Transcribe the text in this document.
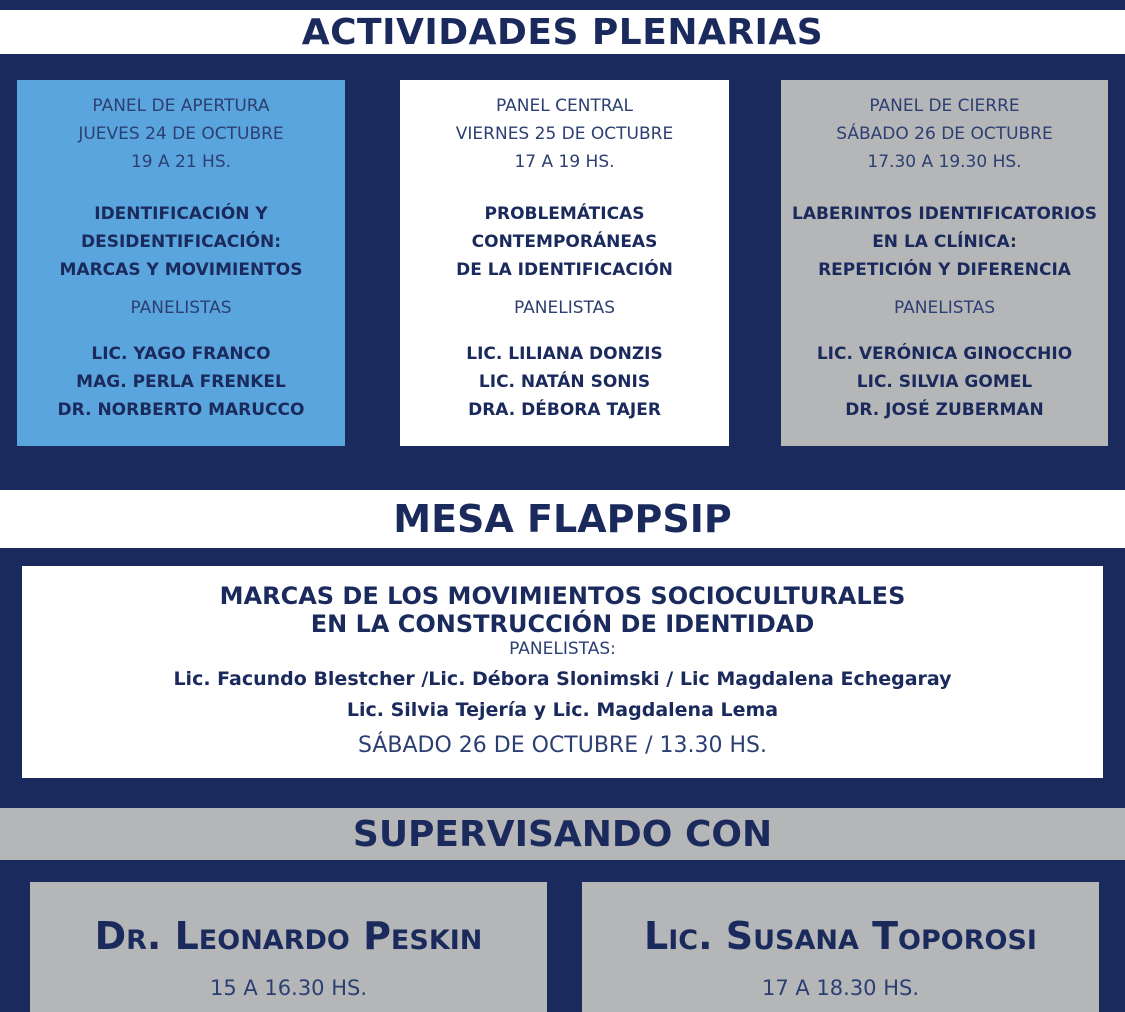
ACTIVIDADES PLENARIAS
PANEL DE APERTURA
JUEVES 24 DE OCTUBRE
19 A 21 HS.
IDENTIFICACIÓN Y
DESIDENTIFICACIÓN:
MARCAS Y MOVIMIENTOS
PANELISTAS
LIC. YAGO FRANCO
MAG. PERLA FRENKEL
DR. NORBERTO MARUCCO
PANEL CENTRAL
VIERNES 25 DE OCTUBRE
17 A 19 HS.
PROBLEMÁTICAS
CONTEMPORÁNEAS
DE LA IDENTIFICACIÓN
PANELISTAS
LIC. LILIANA DONZIS
LIC. NATÁN SONIS
DRA. DÉBORA TAJER
PANEL DE CIERRE
SÁBADO 26 DE OCTUBRE
17.30 A 19.30 HS.
LABERINTOS IDENTIFICATORIOS
EN LA CLÍNICA:
REPETICIÓN Y DIFERENCIA
PANELISTAS
LIC. VERÓNICA GINOCCHIO
LIC. SILVIA GOMEL
DR. JOSÉ ZUBERMAN
MESA FLAPPSIP
MARCAS DE LOS MOVIMIENTOS SOCIOCULTURALES
EN LA CONSTRUCCIÓN DE IDENTIDAD
PANELISTAS:
Lic. Facundo Blestcher /Lic. Débora Slonimski / Lic Magdalena Echegaray
Lic. Silvia Tejería y Lic. Magdalena Lema
SÁBADO 26 DE OCTUBRE / 13.30 HS.
SUPERVISANDO CON
Dr. Leonardo Peskin
15 A 16.30 HS.
Lic. Susana Toporosi
17 A 18.30 HS.
